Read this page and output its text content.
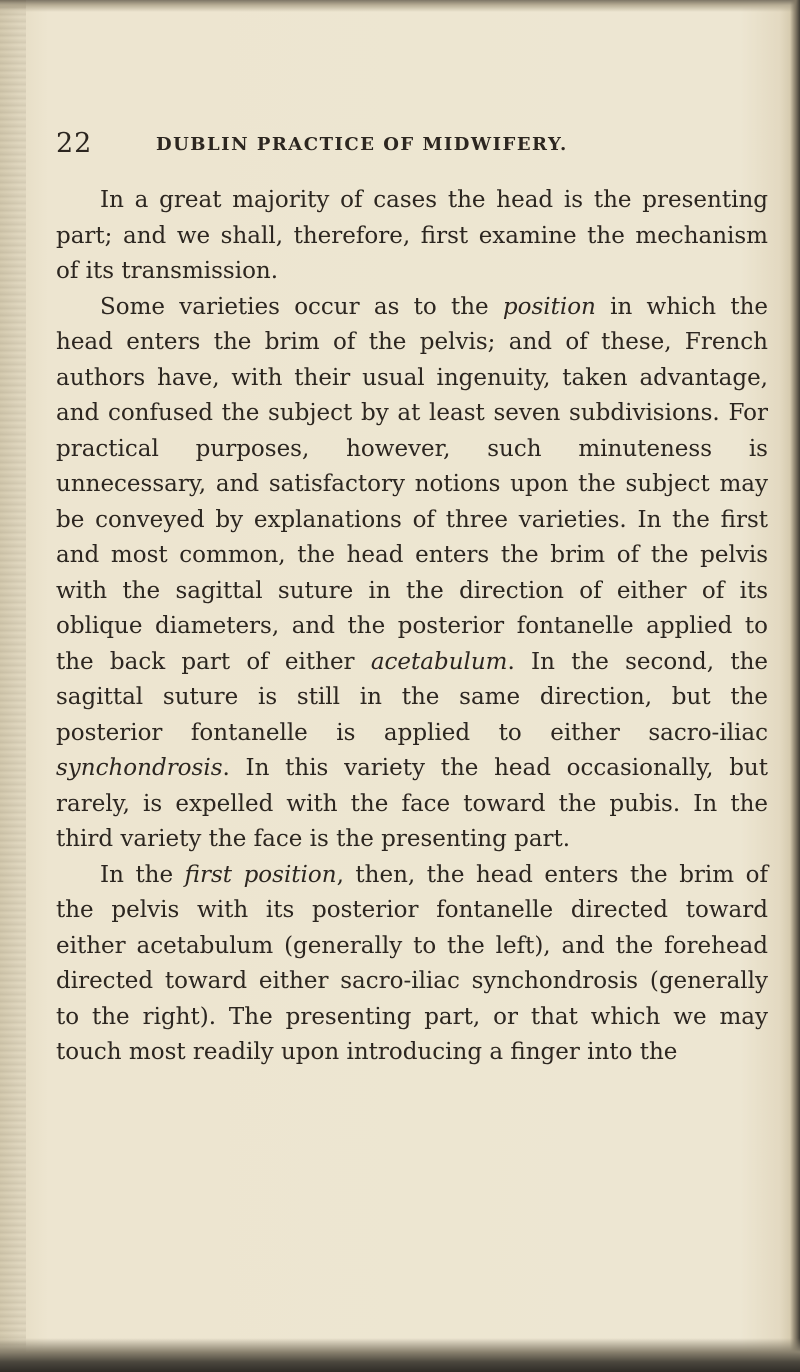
22	DUBLIN PRACTICE OF MIDWIFERY.

In a great majority of cases the head is the presenting part; and we shall, therefore, first examine the mechanism of its transmission.

Some varieties occur as to the position in which the head enters the brim of the pelvis; and of these, French authors have, with their usual ingenuity, taken advantage, and confused the subject by at least seven subdivisions. For practical purposes, however, such minuteness is unnecessary, and satisfactory notions upon the subject may be conveyed by explanations of three varieties. In the first and most common, the head enters the brim of the pelvis with the sagittal suture in the direction of either of its oblique diameters, and the posterior fontanelle applied to the back part of either acetabulum. In the second, the sagittal suture is still in the same direction, but the posterior fontanelle is applied to either sacro-iliac synchondrosis. In this variety the head occasionally, but rarely, is expelled with the face toward the pubis. In the third variety the face is the presenting part.

In the first position, then, the head enters the brim of the pelvis with its posterior fontanelle directed toward either acetabulum (generally to the left), and the forehead directed toward either sacro-iliac synchondrosis (generally to the right). The presenting part, or that which we may touch most readily upon introducing a finger into the
